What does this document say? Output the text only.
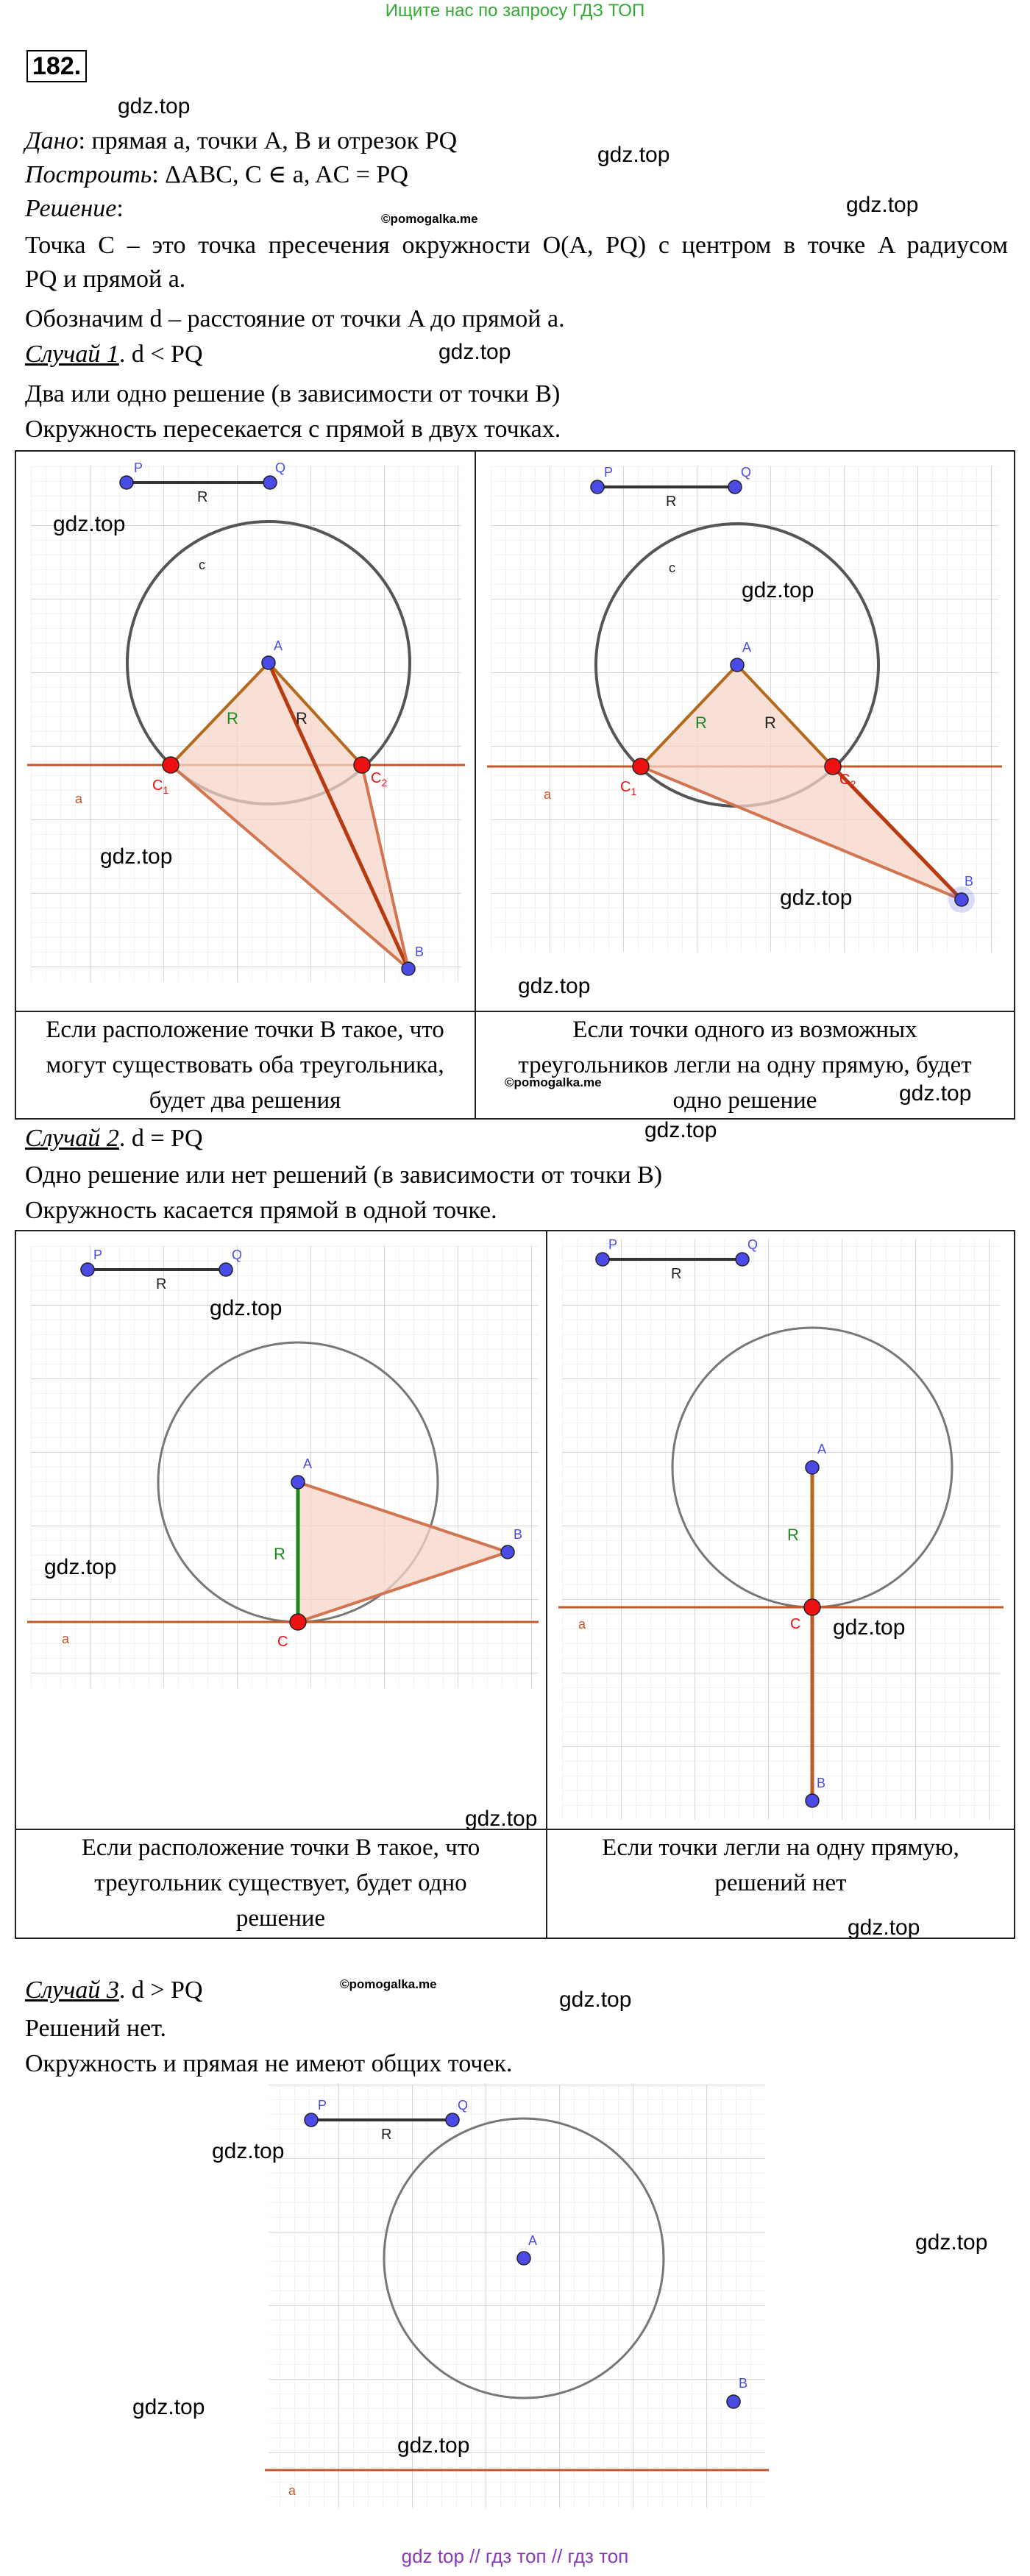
Ищите нас по запросу ГДЗ ТОП
182.
Дано: прямая a, точки A, B и отрезок PQ
Построить: ΔABC, C ∈ a, AC = PQ
Решение:
Точка C – это точка пресечения окружности O(A, PQ) с центром в точке A радиусом
PQ и прямой a.
Обозначим d – расстояние от точки A до прямой a.
Случай 1. d < PQ
Два или одно решение (в зависимости от точки B)
Окружность пересекается с прямой в двух точках.
P	Q
R
c
a
R	R
A
$C_1$
$C_2$
B
P	Q
R
c
a
R	R
A
$C_1$
$C_2$
B
Если расположение точки B такое, что
могут существовать оба треугольника,
будет два решения
Если точки одного из возможных
треугольников легли на одну прямую, будет
одно решение
Случай 2. d = PQ
Одно решение или нет решений (в зависимости от точки B)
Окружность касается прямой в одной точке.
P	Q
R
a
R
A
B
C
P	Q
R
a
R
A
C
B
Если расположение точки B такое, что
треугольник существует, будет одно
решение
Если точки легли на одну прямую,
решений нет
Случай 3. d > PQ
Решений нет.
Окружность и прямая не имеют общих точек.
P	Q
R
A
B
a
gdz.top
gdz.top
gdz.top
©pomogalka.me
gdz.top
gdz.top
gdz.top
gdz.top
gdz.top
gdz.top
gdz.top
©pomogalka.me
gdz.top
gdz.top
gdz.top
gdz.top
gdz.top
gdz.top
gdz.top
©pomogalka.me
gdz.top
gdz.top
gdz.top
gdz.top
gdz top // гдз топ // гдз топ
